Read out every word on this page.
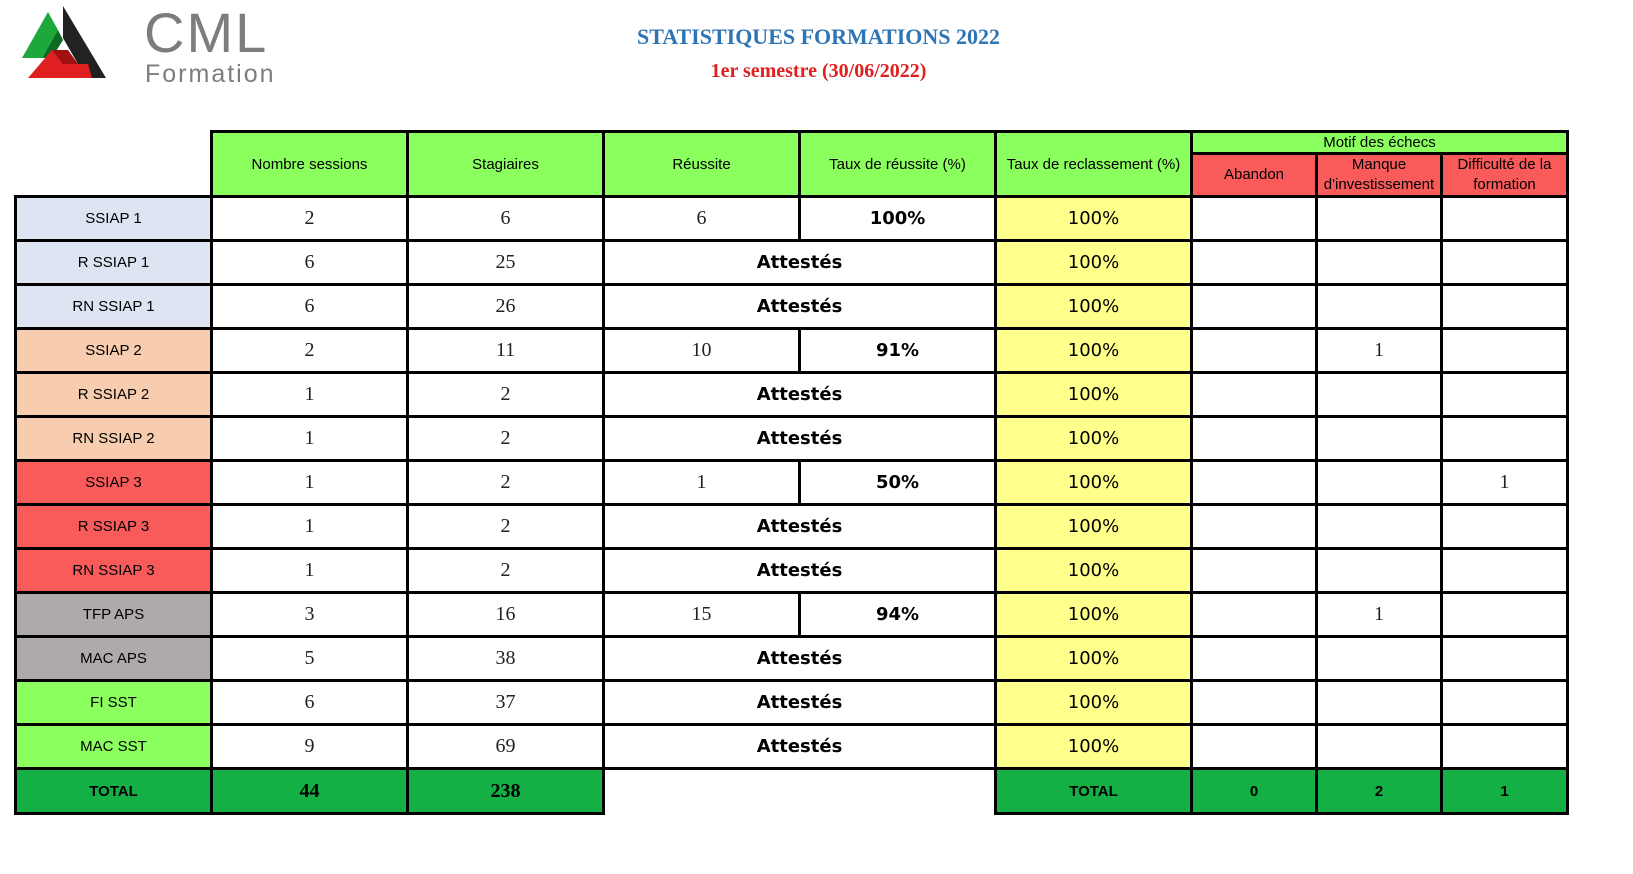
CML
Formation
STATISTIQUES FORMATIONS 2022
1er semestre (30/06/2022)
	Nombre sessions	Stagiaires	Réussite	Taux de réussite (%)	Taux de reclassement (%)	Motif des échecs		
						Abandon	Manque d'investissement	Difficulté de la formation
SSIAP 1	2	6	6	100%	100%			
R SSIAP 1	6	25	Attestés		100%			
RN SSIAP 1	6	26	Attestés		100%			
SSIAP 2	2	11	10	91%	100%		1	
R SSIAP 2	1	2	Attestés		100%			
RN SSIAP 2	1	2	Attestés		100%			
SSIAP 3	1	2	1	50%	100%			1
R SSIAP 3	1	2	Attestés		100%			
RN SSIAP 3	1	2	Attestés		100%			
TFP APS	3	16	15	94%	100%		1	
MAC APS	5	38	Attestés		100%			
FI SST	6	37	Attestés		100%			
MAC SST	9	69	Attestés		100%			
TOTAL	44	238			TOTAL	0	2	1
